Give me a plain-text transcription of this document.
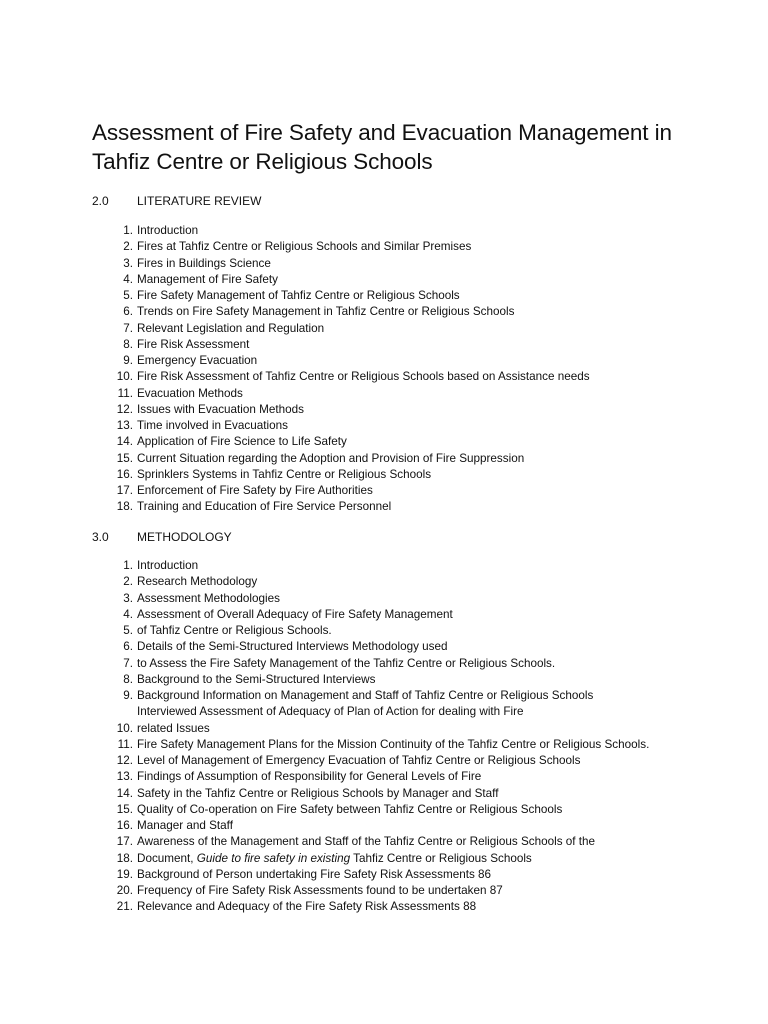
Assessment of Fire Safety and Evacuation Management in Tahfiz Centre or Religious Schools
2.0 LITERATURE REVIEW
1. Introduction
2. Fires at Tahfiz Centre or Religious Schools and Similar Premises
3. Fires in Buildings Science
4. Management of Fire Safety
5. Fire Safety Management of Tahfiz Centre or Religious Schools
6. Trends on Fire Safety Management in Tahfiz Centre or Religious Schools
7. Relevant Legislation and Regulation
8. Fire Risk Assessment
9. Emergency Evacuation
10. Fire Risk Assessment of Tahfiz Centre or Religious Schools based on Assistance needs
11. Evacuation Methods
12. Issues with Evacuation Methods
13. Time involved in Evacuations
14. Application of Fire Science to Life Safety
15. Current Situation regarding the Adoption and Provision of Fire Suppression
16. Sprinklers Systems in Tahfiz Centre or Religious Schools
17. Enforcement of Fire Safety by Fire Authorities
18. Training and Education of Fire Service Personnel
3.0 METHODOLOGY
1. Introduction
2. Research Methodology
3. Assessment Methodologies
4. Assessment of Overall Adequacy of Fire Safety Management
5. of Tahfiz Centre or Religious Schools.
6. Details of the Semi-Structured Interviews Methodology used
7. to Assess the Fire Safety Management of the Tahfiz Centre or Religious Schools.
8. Background to the Semi-Structured Interviews
9. Background Information on Management and Staff of Tahfiz Centre or Religious Schools
Interviewed Assessment of Adequacy of Plan of Action for dealing with Fire
10. related Issues
11. Fire Safety Management Plans for the Mission Continuity of the Tahfiz Centre or Religious Schools.
12. Level of Management of Emergency Evacuation of Tahfiz Centre or Religious Schools
13. Findings of Assumption of Responsibility for General Levels of Fire
14. Safety in the Tahfiz Centre or Religious Schools by Manager and Staff
15. Quality of Co-operation on Fire Safety between Tahfiz Centre or Religious Schools
16. Manager and Staff
17. Awareness of the Management and Staff of the Tahfiz Centre or Religious Schools of the
18. Document, Guide to fire safety in existing Tahfiz Centre or Religious Schools
19. Background of Person undertaking Fire Safety Risk Assessments 86
20. Frequency of Fire Safety Risk Assessments found to be undertaken 87
21. Relevance and Adequacy of the Fire Safety Risk Assessments 88
